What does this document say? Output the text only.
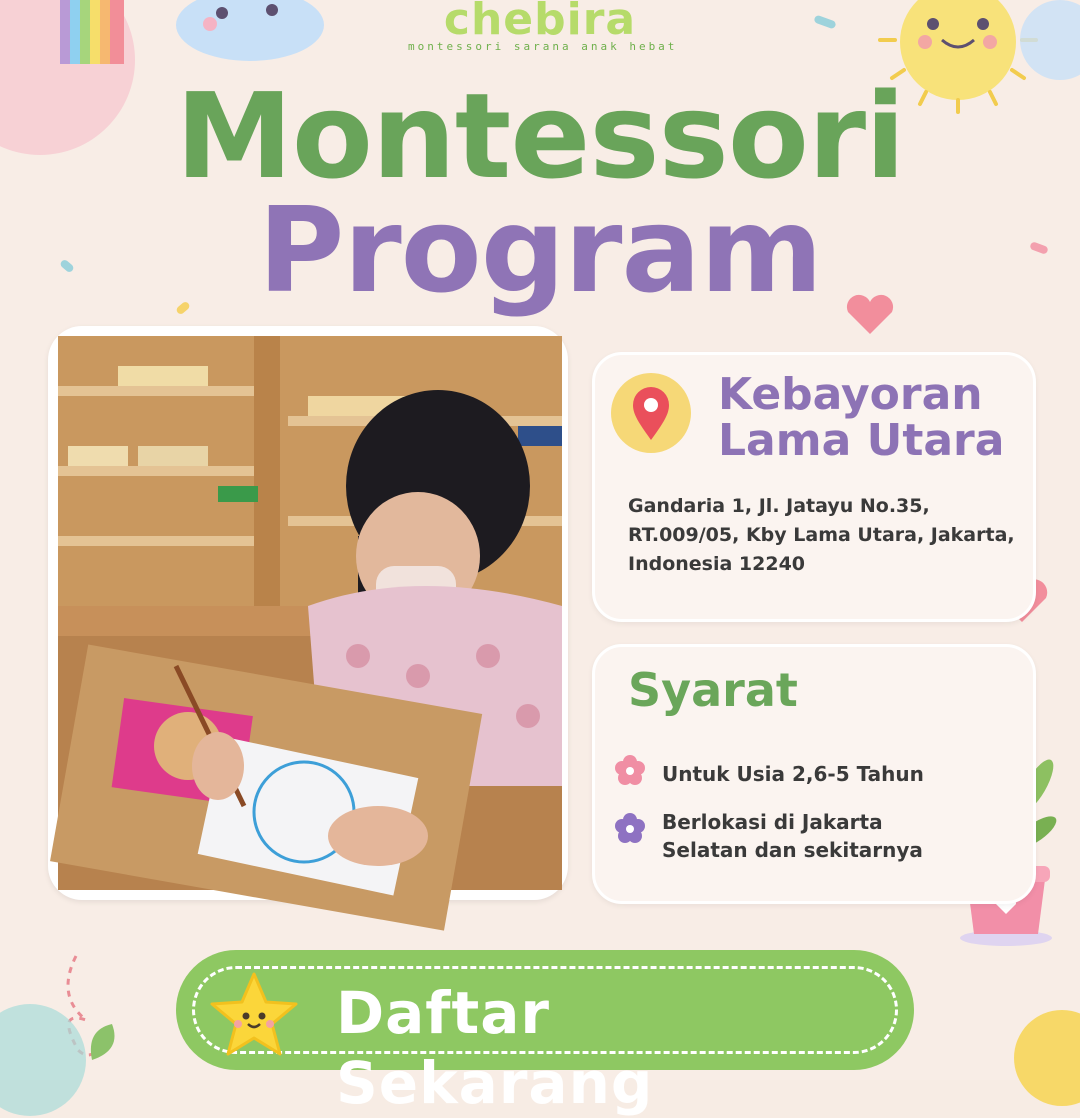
chebira
montessori sarana anak hebat
Montessori
Program
Kebayoran Lama Utara
Gandaria 1, Jl. Jatayu No.35, RT.009/05, Kby Lama Utara, Jakarta, Indonesia 12240
Syarat
Untuk Usia 2,6-5 Tahun
Berlokasi di Jakarta Selatan dan sekitarnya
Daftar Sekarang
